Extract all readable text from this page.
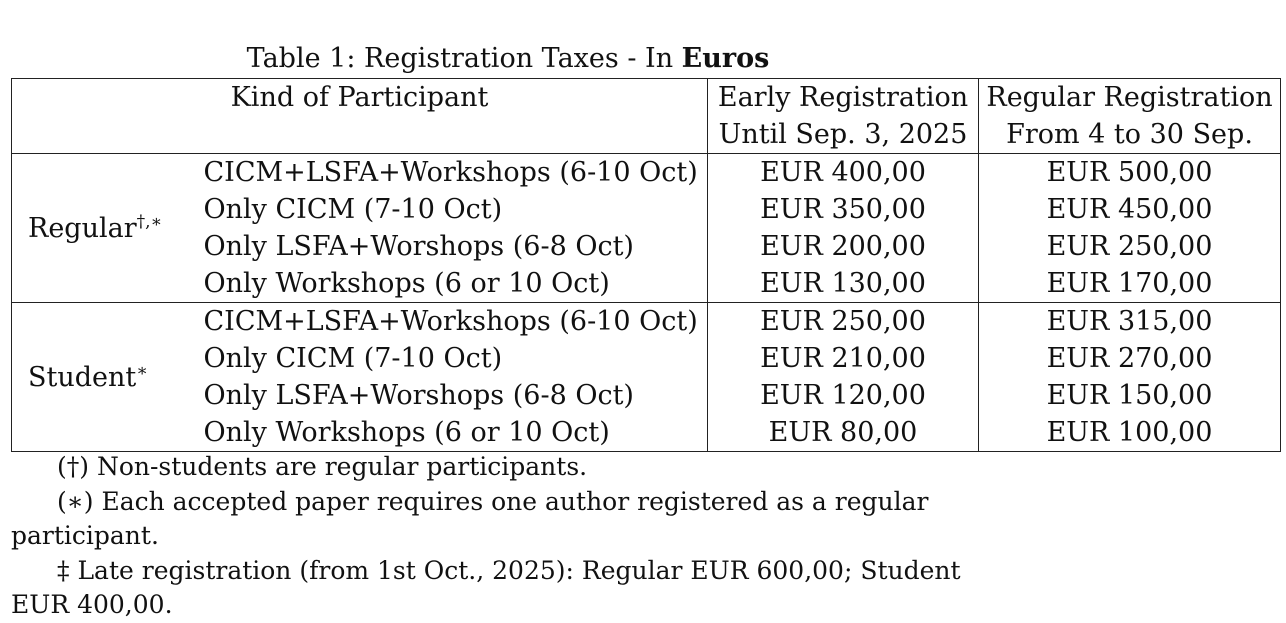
Table 1: Registration Taxes - In Euros
Kind of Participant		Early Registration	Regular Registration
		Until Sep. 3, 2025	From 4 to 30 Sep.
Regular†,∗	CICM+LSFA+Workshops (6-10 Oct)	EUR 400,00	EUR 500,00
	Only CICM (7-10 Oct)	EUR 350,00	EUR 450,00
	Only LSFA+Worshops (6-8 Oct)	EUR 200,00	EUR 250,00
	Only Workshops (6 or 10 Oct)	EUR 130,00	EUR 170,00
Student∗	CICM+LSFA+Workshops (6-10 Oct)	EUR 250,00	EUR 315,00
	Only CICM (7-10 Oct)	EUR 210,00	EUR 270,00
	Only LSFA+Worshops (6-8 Oct)	EUR 120,00	EUR 150,00
	Only Workshops (6 or 10 Oct)	EUR 80,00	EUR 100,00
(†) Non-students are regular participants.
(∗) Each accepted paper requires one author registered as a regular participant.
‡ Late registration (from 1st Oct., 2025): Regular EUR 600,00; Student EUR 400,00.
